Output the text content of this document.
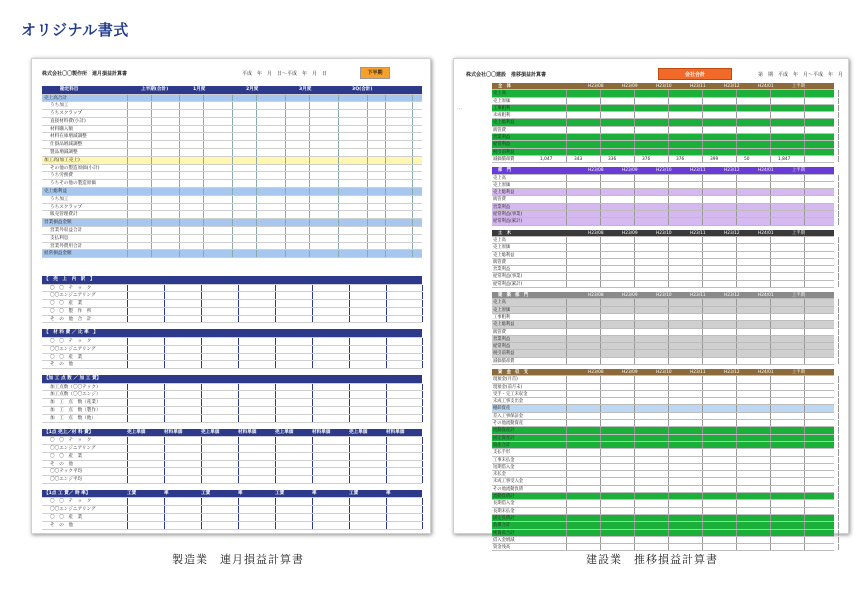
オリジナル書式
株式会社〇〇製作所　連月損益計算書	平成　年　月　日～平成　年　月　日	下半期
勘定科目	上半期(合計)	1月度	2月度	3月度	3Q(合計)
売上高合計
うち加工
うちスクラップ
直接材料費(小計)
材料購入額
材料在庫増減調整
仕掛品増減調整
製品増減調整
加工高(加工売上)
その他の製造原価(小計)
うち労務費
うちその他の製造原価
売上総利益
うち加工
うちスクラップ
販売管理費計
営業損益金額
営業外収益合計
支払利息
営業外費用合計
経常損益金額
【　売　上　内　訳　】
〇　〇　テ　ッ　ク
〇〇エンジニアリング
〇　〇　産　業
〇　〇　製　作　所
そ　の　他　合　計
【　材 料 費 ／ 比 率　】
〇　〇　テ　ッ　ク
〇〇エンジニアリング
〇　〇　産　業
そ　の　他
【加 工 点 数 ／ 加 工 賃】
加工点数（〇〇テック）
加工点数（〇〇エンジ）
加　工　点　数（産業）
加　工　点　数（製作）
加　工　点　数（他）
【1点 売上／材 料 費】	売上単価	材料単価	売上単価	材料単価	売上単価	材料単価	売上単価	材料単価
〇　〇　テ　ッ　ク
〇〇エンジニアリング
〇　〇　産　業
そ　の　他
〇〇テック平均
〇〇エンジ平均
【1点 工 賃／ 時 率】	工賃	率	工賃	率	工賃	率	工賃	率
〇　〇　テ　ッ　ク
〇〇エンジニアリング
〇　〇　産　業
そ　の　他
株式会社〇〇建設　推移損益計算書	会社合計	第　期　平成　年　月～平成　年　月
･･･
全　体	H23/08	H23/09	H23/10	H23/11	H23/12	H24/01	上半期
売上高
売上原価
工事粗利
未成粗利
売上総利益
販管費
営業利益
経常利益
税引前利益
減価償却費	1,047	343	336	376	376	399	50	1,847
部　門	H23/08	H23/09	H23/10	H23/11	H23/12	H24/01	上半期
売上高
売上原価
売上総利益
販管費
営業利益
経常利益(事業)
経常利益(累計)
土　木	H23/08	H23/09	H23/10	H23/11	H23/12	H24/01	上半期
売上高
売上原価
売上総利益
販管費
営業利益
経常利益(事業)
経常利益(累計)
建　築　部　門	H23/08	H23/09	H23/10	H23/11	H23/12	H24/01	上半期
売上高
売上原価
工事粗利
売上総利益
販管費
営業利益
経常利益
税引前利益
減価償却費
資　金　収　支	H23/08	H23/09	H23/10	H23/11	H23/12	H24/01	上半期
現預金(月首)
現預金(前月末)
受手・完工未収金
未成工事支出金
棚卸資産
差入工事保証金
その他流動資産
流動資産計
固定資産計
資産合計
支払手形
工事未払金
短期借入金
未払金
未成工事受入金
その他流動負債
流動負債計
長期借入金
長期未払金
固定負債計
負債合計
純資産合計
借入金増減
資金残高
製造業　連月損益計算書	建設業　推移損益計算書
